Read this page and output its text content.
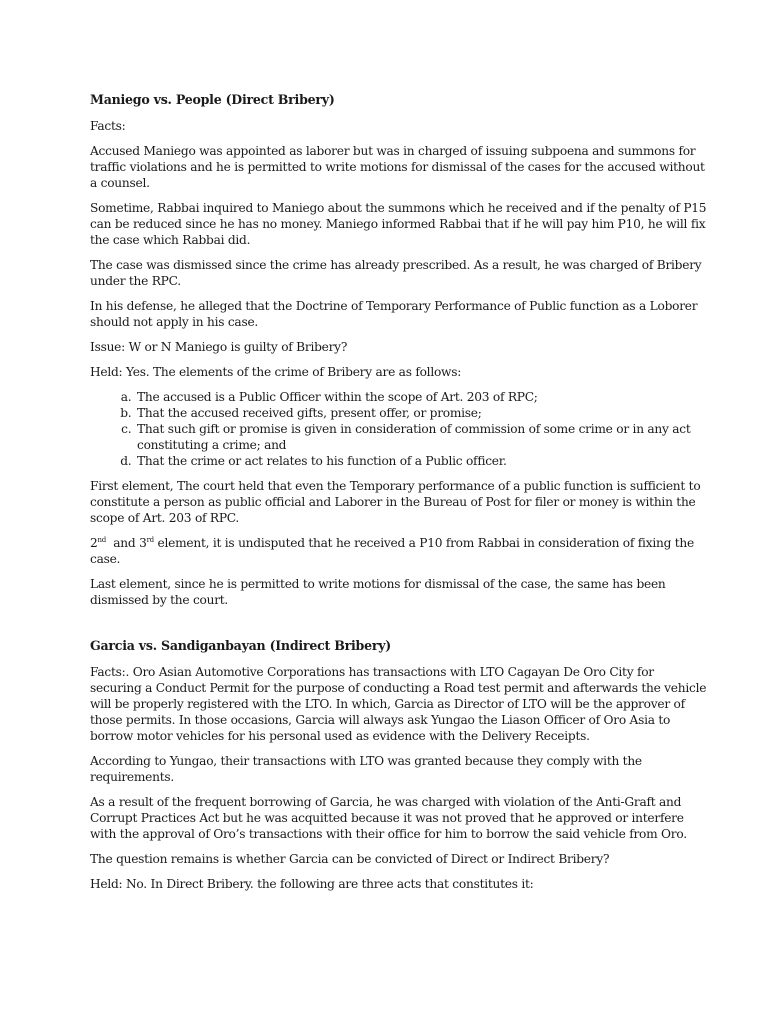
Maniego vs. People (Direct Bribery)

Facts:

Accused Maniego was appointed as laborer but was in charged of issuing subpoena and summons for traffic violations and he is permitted to write motions for dismissal of the cases for the accused without a counsel.

Sometime, Rabbai inquired to Maniego about the summons which he received and if the penalty of P15 can be reduced since he has no money. Maniego informed Rabbai that if he will pay him P10, he will fix the case which Rabbai did.

The case was dismissed since the crime has already prescribed. As a result, he was charged of Bribery under the RPC.

In his defense, he alleged that the Doctrine of Temporary Performance of Public function as a Loborer should not apply in his case.

Issue: W or N Maniego is guilty of Bribery?

Held: Yes. The elements of the crime of Bribery are as follows:

a. The accused is a Public Officer within the scope of Art. 203 of RPC;
b. That the accused received gifts, present offer, or promise;
c. That such gift or promise is given in consideration of commission of some crime or in any act constituting a crime; and
d. That the crime or act relates to his function of a Public officer.

First element, The court held that even the Temporary performance of a public function is sufficient to constitute a person as public official and Laborer in the Bureau of Post for filer or money is within the scope of Art. 203 of RPC.

2nd and 3rd element, it is undisputed that he received a P10 from Rabbai in consideration of fixing the case.

Last element, since he is permitted to write motions for dismissal of the case, the same has been dismissed by the court.

Garcia vs. Sandiganbayan (Indirect Bribery)

Facts:. Oro Asian Automotive Corporations has transactions with LTO Cagayan De Oro City for securing a Conduct Permit for the purpose of conducting a Road test permit and afterwards the vehicle will be properly registered with the LTO. In which, Garcia as Director of LTO will be the approver of those permits. In those occasions, Garcia will always ask Yungao the Liason Officer of Oro Asia to borrow motor vehicles for his personal used as evidence with the Delivery Receipts.

According to Yungao, their transactions with LTO was granted because they comply with the requirements.

As a result of the frequent borrowing of Garcia, he was charged with violation of the Anti-Graft and Corrupt Practices Act but he was acquitted because it was not proved that he approved or interfere with the approval of Oro’s transactions with their office for him to borrow the said vehicle from Oro.

The question remains is whether Garcia can be convicted of Direct or Indirect Bribery?

Held: No. In Direct Bribery. the following are three acts that constitutes it:
